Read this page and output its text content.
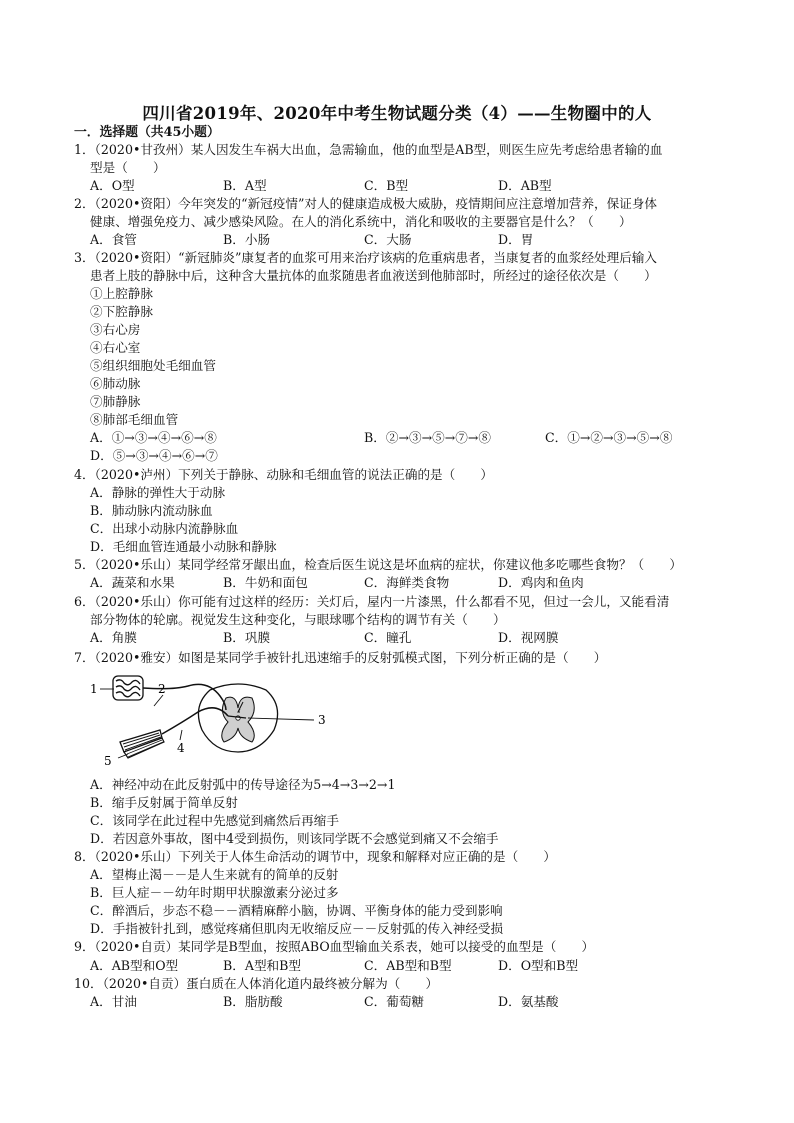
四川省2019年、2020年中考生物试题分类（4）——生物圈中的人
一．选择题（共45小题）
1．（2020•甘孜州）某人因发生车祸大出血，急需输血，他的血型是AB型，则医生应先考虑给患者输的血
型是（　　）
A．O型	B．A型	C．B型	D．AB型
2．（2020•资阳）今年突发的“新冠疫情”对人的健康造成极大威胁，疫情期间应注意增加营养，保证身体
健康、增强免疫力、减少感染风险。在人的消化系统中，消化和吸收的主要器官是什么？（　　）
A．食管	B．小肠	C．大肠	D．胃
3．（2020•资阳）“新冠肺炎”康复者的血浆可用来治疗该病的危重病患者，当康复者的血浆经处理后输入
患者上肢的静脉中后，这种含大量抗体的血浆随患者血液送到他肺部时，所经过的途径依次是（　　）
①上腔静脉
②下腔静脉
③右心房
④右心室
⑤组织细胞处毛细血管
⑥肺动脉
⑦肺静脉
⑧肺部毛细血管
A．①→③→④→⑥→⑧	B．②→③→⑤→⑦→⑧	C．①→②→③→⑤→⑧
D．⑤→③→④→⑥→⑦
4．（2020•泸州）下列关于静脉、动脉和毛细血管的说法正确的是（　　）
A．静脉的弹性大于动脉
B．肺动脉内流动脉血
C．出球小动脉内流静脉血
D．毛细血管连通最小动脉和静脉
5．（2020•乐山）某同学经常牙龈出血，检查后医生说这是坏血病的症状，你建议他多吃哪些食物？（　　）
A．蔬菜和水果	B．牛奶和面包	C．海鲜类食物	D．鸡肉和鱼肉
6．（2020•乐山）你可能有过这样的经历：关灯后，屋内一片漆黑，什么都看不见，但过一会儿，又能看清
部分物体的轮廓。视觉发生这种变化，与眼球哪个结构的调节有关（　　）
A．角膜	B．巩膜	C．瞳孔	D．视网膜
7．（2020•雅安）如图是某同学手被针扎迅速缩手的反射弧模式图，下列分析正确的是（　　）
1	2
3
4
5
A．神经冲动在此反射弧中的传导途径为5→4→3→2→1
B．缩手反射属于简单反射
C．该同学在此过程中先感觉到痛然后再缩手
D．若因意外事故，图中4受到损伤，则该同学既不会感觉到痛又不会缩手
8．（2020•乐山）下列关于人体生命活动的调节中，现象和解释对应正确的是（　　）
A．望梅止渴－－是人生来就有的简单的反射
B．巨人症－－幼年时期甲状腺激素分泌过多
C．醉酒后，步态不稳－－酒精麻醉小脑，协调、平衡身体的能力受到影响
D．手指被针扎到，感觉疼痛但肌肉无收缩反应－－反射弧的传入神经受损
9．（2020•自贡）某同学是B型血，按照ABO血型输血关系表，她可以接受的血型是（　　）
A．AB型和O型	B．A型和B型	C．AB型和B型	D．O型和B型
10．（2020•自贡）蛋白质在人体消化道内最终被分解为（　　）
A．甘油	B．脂肪酸	C．葡萄糖	D．氨基酸
